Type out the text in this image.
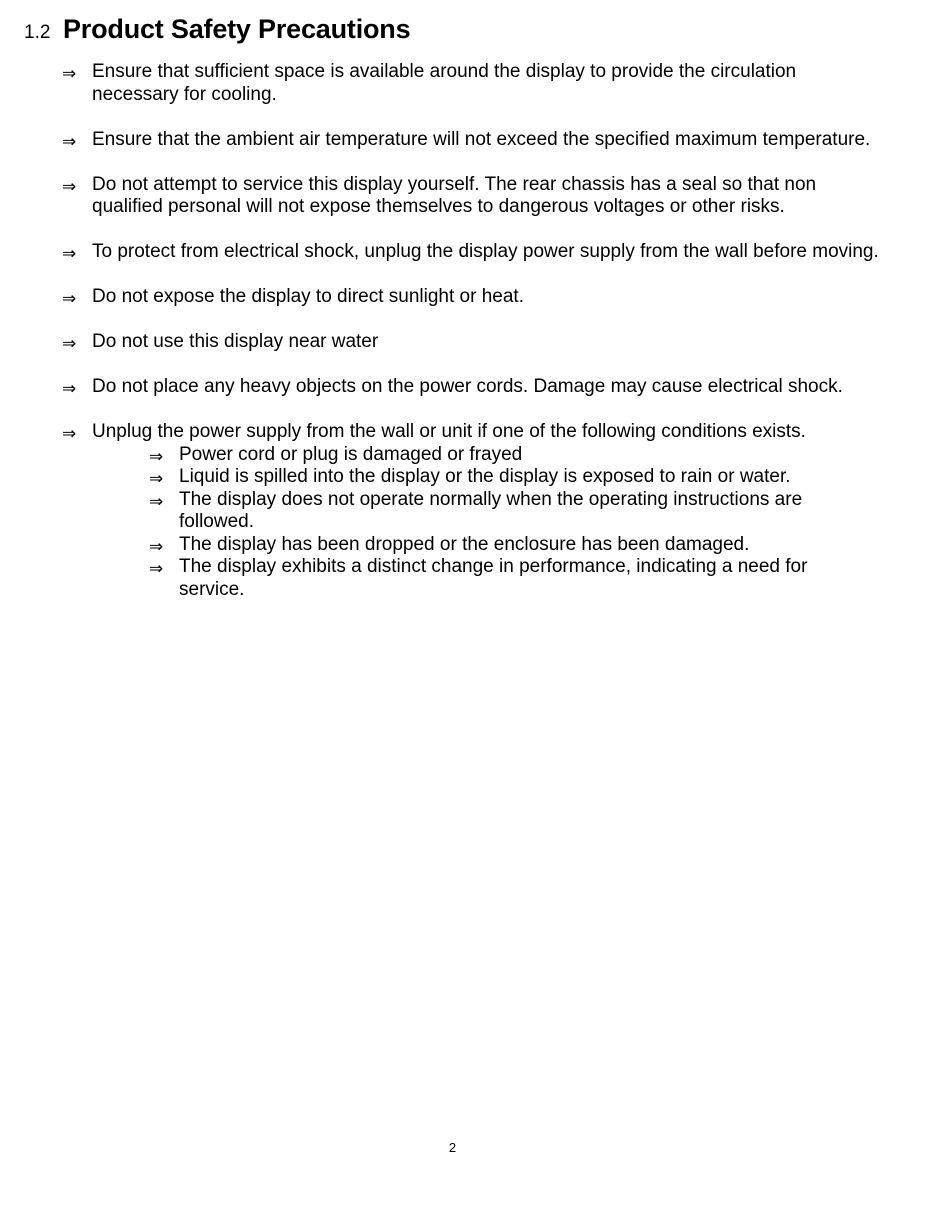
1.2 Product Safety Precautions
⇒ Ensure that sufficient space is available around the display to provide the circulation necessary for cooling.
⇒ Ensure that the ambient air temperature will not exceed the specified maximum temperature.
⇒ Do not attempt to service this display yourself. The rear chassis has a seal so that non qualified personal will not expose themselves to dangerous voltages or other risks.
⇒ To protect from electrical shock, unplug the display power supply from the wall before moving.
⇒ Do not expose the display to direct sunlight or heat.
⇒ Do not use this display near water
⇒ Do not place any heavy objects on the power cords. Damage may cause electrical shock.
⇒ Unplug the power supply from the wall or unit if one of the following conditions exists.
⇒ Power cord or plug is damaged or frayed
⇒ Liquid is spilled into the display or the display is exposed to rain or water.
⇒ The display does not operate normally when the operating instructions are followed.
⇒ The display has been dropped or the enclosure has been damaged.
⇒ The display exhibits a distinct change in performance, indicating a need for service.
2
